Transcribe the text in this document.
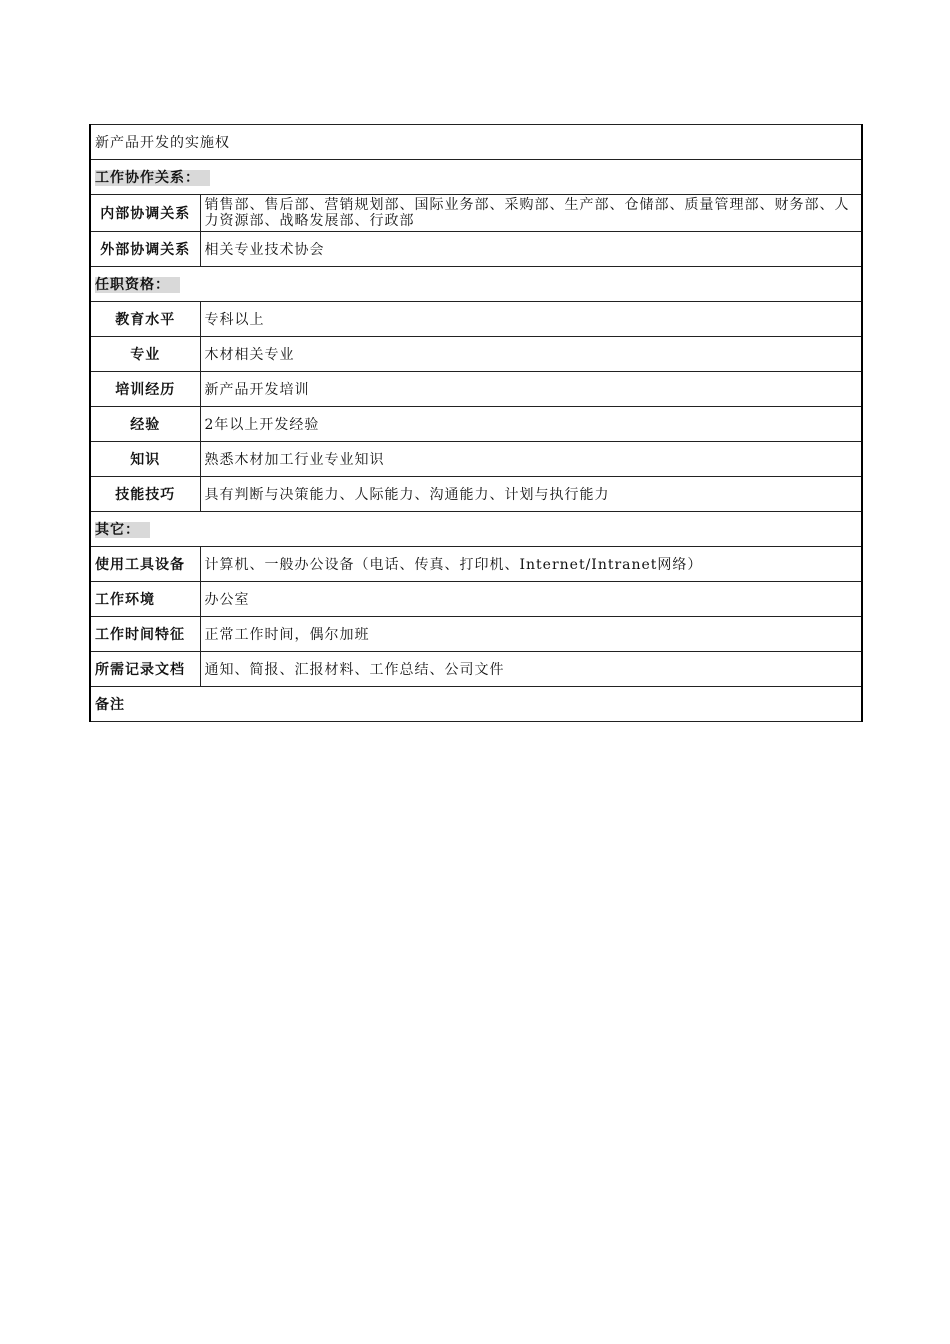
新产品开发的实施权	
工作协作关系：	
内部协调关系	销售部、售后部、营销规划部、国际业务部、采购部、生产部、仓储部、质量管理部、财务部、人力资源部、战略发展部、行政部
外部协调关系	相关专业技术协会
任职资格：	
教育水平	专科以上
专业	木材相关专业
培训经历	新产品开发培训
经验	2年以上开发经验
知识	熟悉木材加工行业专业知识
技能技巧	具有判断与决策能力、人际能力、沟通能力、计划与执行能力
其它：	
使用工具设备	计算机、一般办公设备（电话、传真、打印机、Internet/Intranet网络）
工作环境	办公室
工作时间特征	正常工作时间，偶尔加班
所需记录文档	通知、简报、汇报材料、工作总结、公司文件
备注	
